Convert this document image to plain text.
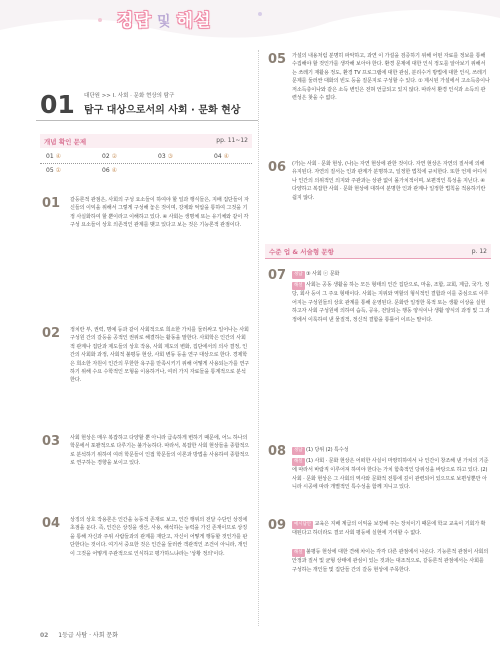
정답 및 해설
01 대단원 >> Ⅰ. 사회 · 문화 현상의 탐구
탐구 대상으로서의 사회 · 문화 현상
개념 확인 문제	pp. 11~12
01 ④	02 ②	03 ③	04 ④
05 ①	06 ④
01 갈등론적 관점은, 사회의 구성 요소들이 하여야 할 일과 행식들은, 지배 집단들이 자신들의 이익을 위해서 그렇게 구성해 놓은 것이며, 강제와 억압을 통하여 그것을 기정 사실화하여 할 뿐이라고 이해하고 있다. ④ 사회는 생명체 또는 유기체와 같이 각 구성 요소들이 상호 의존적인 관계를 맺고 있다고 보는 것은 기능론적 관점이다.
02 정치란 부, 권력, 명예 등과 같이 사회적으로 희소한 가치를 둘러싸고 일어나는 사회 구성원 간의 갈등을 공적인 권위로 해결하는 활동을 말한다. 사회학은 인간의 사회적 관계나 집단과 제도들의 상호 작용, 사회 제도의 변화, 집단에서의 의사 결정, 인간의 사회화 과정, 사회적 불평등 현상, 사회 변동 등을 연구 대상으로 한다. 경제학은 희소한 자원이 인간의 무한한 욕구를 만족시키기 위해 어떻게 사용되는가를 연구하기 위해 수요 수학적인 모형을 이용하거나, 여러 가지 자료들을 통계적으로 분석한다.
03 사회 현상은 매우 복잡하고 다양할 뿐 아니라 급속하게 변하기 때문에, 어느 하나의 학문에서 포괄적으로 다루기는 불가능하다. 따라서, 복잡한 사회 현상들을 종합적으로 분석하기 위하여 여러 학문들이 인접 학문들의 이론과 방법을 사용하여 종합적으로 연구하는 경향을 보이고 있다.
04 상징의 상호 작용론은 인간을 능동적 존재로 보고, 인간 행위의 전달 수단인 상징에 초점을 둔다. 즉, 인간은 상징을 생산, 사용, 해석하는 능력을 가진 존재이므로 상징을 통해 자신과 주위 사람들과의 관계를 재단고, 자신이 어떻게 행동할 것인가를 판단한다는 것이다. 여기서 중요한 것은 인간을 둘러싼 객관적인 조건이 아니라, 개인이 그것을 어떻게 주관적으로 인식하고 평가하느냐라는 '상황 정의'이다.
05 가설의 내용처럼 분명히 파악하고, 과연 이 가설을 검증하기 위해 어떤 자료를 정보를 통해 수집해야 할 것인가를 생각해 보아야 한다. 환경 문제에 대한 인식 정도를 알아보기 위해서는 쓰레기 재활용 정도, 환경 TV 프로그램에 대한 관심, 분리수거 방법에 대한 인식, 쓰레기 문제를 둘러싼 대화의 빈도 등을 질문지로 구성할 수 있다. ① 제시된 가설에서 고소득층이나 저소득층이나와 같은 소득 변인은 전혀 언급되고 있지 않다. 따라서 환경 인식과 소득의 관련성은 찾을 수 없다.
06 (가)는 사회 · 문화 현상, (나)는 자연 현상에 관한 것이다. 자연 현상은 자연의 질서에 의해 유지된다. 자연의 질서는 인과 관계가 분명하고, 일정한 법칙에 규치한다. 또한 언제 어디서나 인간의 의위적인 의지와 주관과는 상관 없이 몰가치적이며, 보편적인 특성을 지닌다. ④ 다양하고 복잡한 사회 · 문화 현상에 대하여 분명한 인과 관계나 일정한 법칙을 적용하기란 쉽지 않다.
수준 업 & 서술형 문항	p. 12
07	정답 ③ 사회 ⓒ 문화
해설 사회는 공동 생활을 하는 모든 형태의 인간 집단으로, 마을, 조합, 교회, 계급, 국가, 정당, 회사 등이 그 주요 형태이다. 사회는 지위와 역할의 형식적인 결합과 이를 중심으로 이루어지는 구성원들의 상호 관계를 통해 운영된다. 문화란 일정한 목적 또는 생활 이상을 실현하고자 사회 구성원에 의하여 습득, 공유, 전달되는 행동 양식이나 생활 양식의 과정 및 그 과정에서 이룩하여 낸 물질적, 정신적 결합을 통틀어 이르는 말이다.
08	정답 (1) 당위 (2) 특수성
해설 (1) 사회 · 문화 현상은 어떠한 사실이 마땅히하여서 나 인간이 창조해 낸 가치의 기준에 따라서 바람직 이루어져 하여야 한다는 가치 함축적인 당위성을 바탕으로 하고 있다. (2) 사회 · 문화 현상은 그 사회의 역사와 문화적 전통에 깊이 관련되어 있으므로 보편성뿐만 아니라 시공에 따라 개별적인 특수성을 함께 지니고 있다.
09	예시답안 교육은 지배 계급의 이익을 보장해 주는 장치이기 때문에 학교 교육이 기회가 확대된다고 하더라도 결코 사회 평등에 실현에 기여할 수 없다.
해설 불평등 현상에 대한 견해 차이는 각각 다른 관점에서 나온다. 기능론적 관점이 사회의 안정과 질서 및 균형 상태에 관심이 있는 것과는 대조적으로, 갈등론적 관점에서는 사회를 구성하는 개인들 및 집단들 간의 갈등 현상에 주목한다.
02 1등급 사탐 · 사회 문화
